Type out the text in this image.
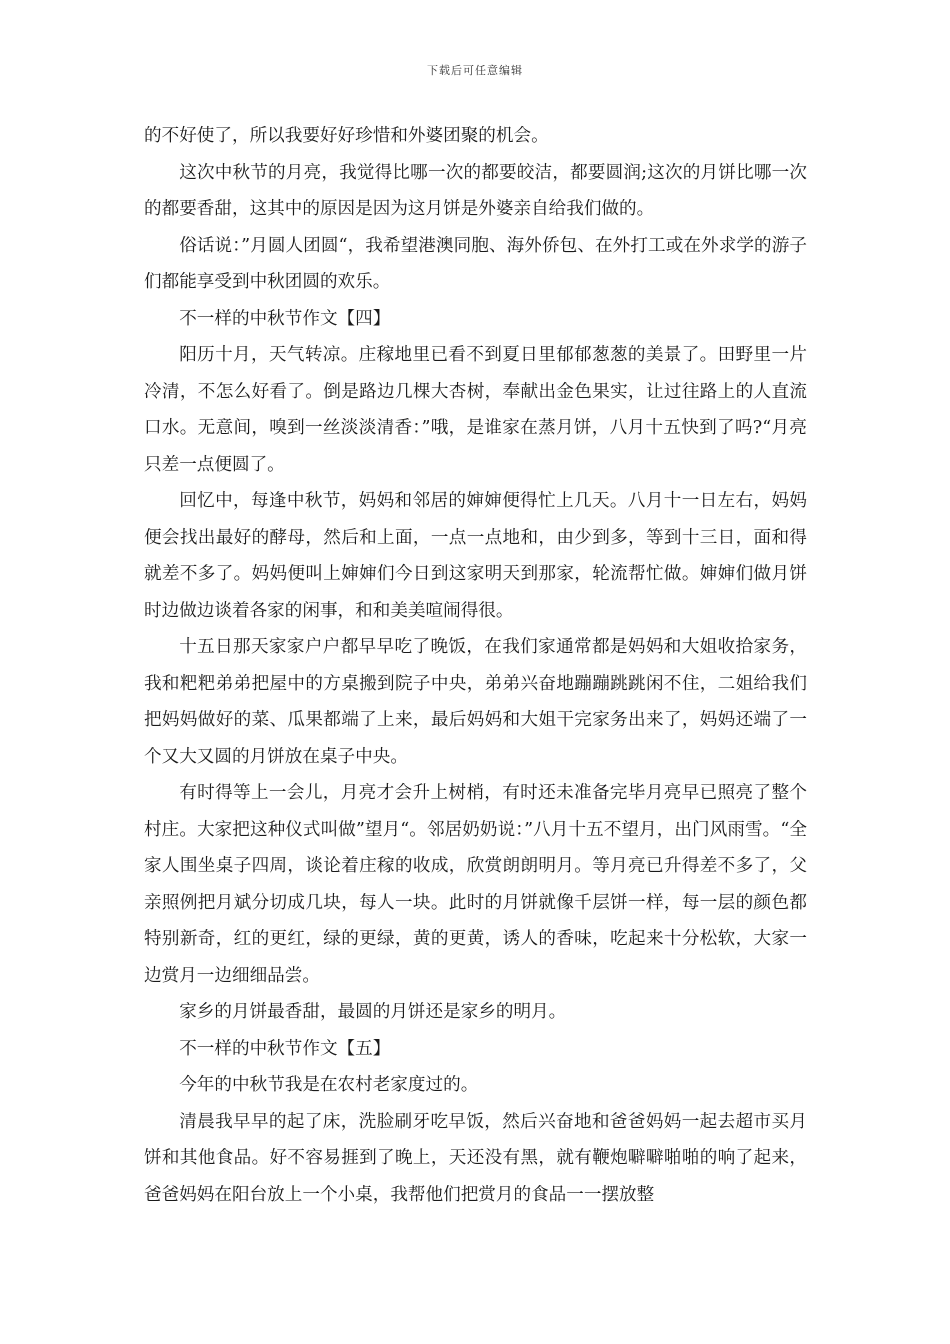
下载后可任意编辑

的不好使了，所以我要好好珍惜和外婆团聚的机会。

这次中秋节的月亮，我觉得比哪一次的都要皎洁，都要圆润;这次的月饼比哪一次的都要香甜，这其中的原因是因为这月饼是外婆亲自给我们做的。

俗话说：”月圆人团圆“，我希望港澳同胞、海外侨包、在外打工或在外求学的游子们都能享受到中秋团圆的欢乐。

不一样的中秋节作文【四】

阳历十月，天气转凉。庄稼地里已看不到夏日里郁郁葱葱的美景了。田野里一片冷清，不怎么好看了。倒是路边几棵大杏树，奉献出金色果实，让过往路上的人直流口水。无意间，嗅到一丝淡淡清香：”哦，是谁家在蒸月饼，八月十五快到了吗?“月亮只差一点便圆了。

回忆中，每逢中秋节，妈妈和邻居的婶婶便得忙上几天。八月十一日左右，妈妈便会找出最好的酵母，然后和上面，一点一点地和，由少到多，等到十三日，面和得就差不多了。妈妈便叫上婶婶们今日到这家明天到那家，轮流帮忙做。婶婶们做月饼时边做边谈着各家的闲事，和和美美喧闹得很。

十五日那天家家户户都早早吃了晚饭，在我们家通常都是妈妈和大姐收拾家务，我和粑粑弟弟把屋中的方桌搬到院子中央，弟弟兴奋地蹦蹦跳跳闲不住，二姐给我们把妈妈做好的菜、瓜果都端了上来，最后妈妈和大姐干完家务出来了，妈妈还端了一个又大又圆的月饼放在桌子中央。

有时得等上一会儿，月亮才会升上树梢，有时还未准备完毕月亮早已照亮了整个村庄。大家把这种仪式叫做”望月“。邻居奶奶说：”八月十五不望月，出门风雨雪。“全家人围坐桌子四周，谈论着庄稼的收成，欣赏朗朗明月。等月亮已升得差不多了，父亲照例把月斌分切成几块，每人一块。此时的月饼就像千层饼一样，每一层的颜色都特别新奇，红的更红，绿的更绿，黄的更黄，诱人的香味，吃起来十分松软，大家一边赏月一边细细品尝。

家乡的月饼最香甜，最圆的月饼还是家乡的明月。

不一样的中秋节作文【五】

今年的中秋节我是在农村老家度过的。

清晨我早早的起了床，洗脸刷牙吃早饭，然后兴奋地和爸爸妈妈一起去超市买月饼和其他食品。好不容易捱到了晚上，天还没有黑，就有鞭炮噼噼啪啪的响了起来，爸爸妈妈在阳台放上一个小桌，我帮他们把赏月的食品一一摆放整
